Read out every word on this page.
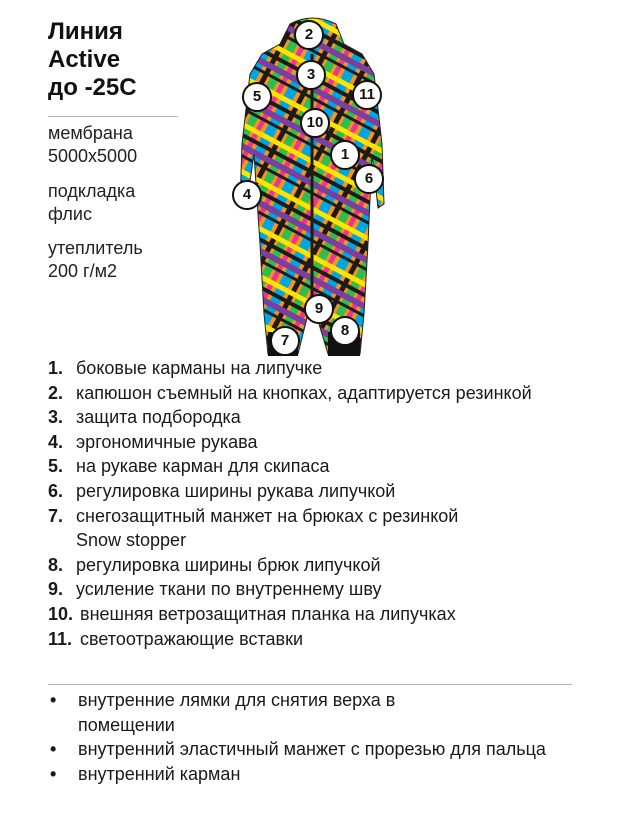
Линия
Active
до -25С
мембрана
5000х5000
подкладка
флис
утеплитель
200 г/м2
2
3
5	11
10
1
6
4
9
8
7
1. боковые карманы на липучке
2. капюшон съемный на кнопках, адаптируется резинкой
3. защита подбородка
4. эргономичные рукава
5. на рукаве карман для скипаса
6. регулировка ширины рукава липучкой
7. снегозащитный манжет на брюках с резинкой Snow stopper
8. регулировка ширины брюк липучкой
9. усиление ткани по внутреннему шву
10. внешняя ветрозащитная планка на липучках
11. светоотражающие вставки
• внутренние лямки для снятия верха в помещении
• внутренний эластичный манжет с прорезью для пальца
• внутренний карман
